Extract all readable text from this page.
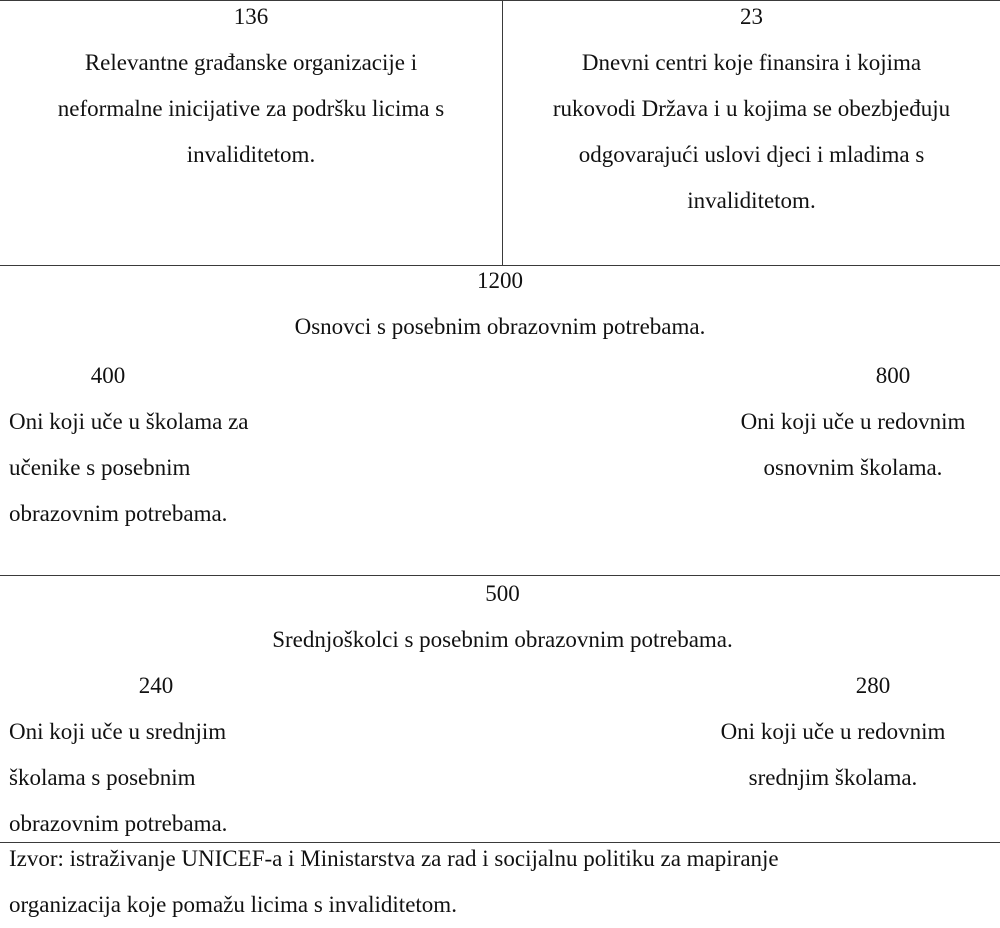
136
Relevantne građanske organizacije i
neformalne inicijative za podršku licima s
invaliditetom.
23
Dnevni centri koje finansira i kojima
rukovodi Država i u kojima se obezbjeđuju
odgovarajući uslovi djeci i mladima s
invaliditetom.
1200
Osnovci s posebnim obrazovnim potrebama.
400
Oni koji uče u školama za
učenike s posebnim
obrazovnim potrebama.
800
Oni koji uče u redovnim
osnovnim školama.
500
Srednjoškolci s posebnim obrazovnim potrebama.
240
Oni koji uče u srednjim
školama s posebnim
obrazovnim potrebama.
280
Oni koji uče u redovnim
srednjim školama.
Izvor: istraživanje UNICEF-a i Ministarstva za rad i socijalnu politiku za mapiranje
organizacija koje pomažu licima s invaliditetom.
